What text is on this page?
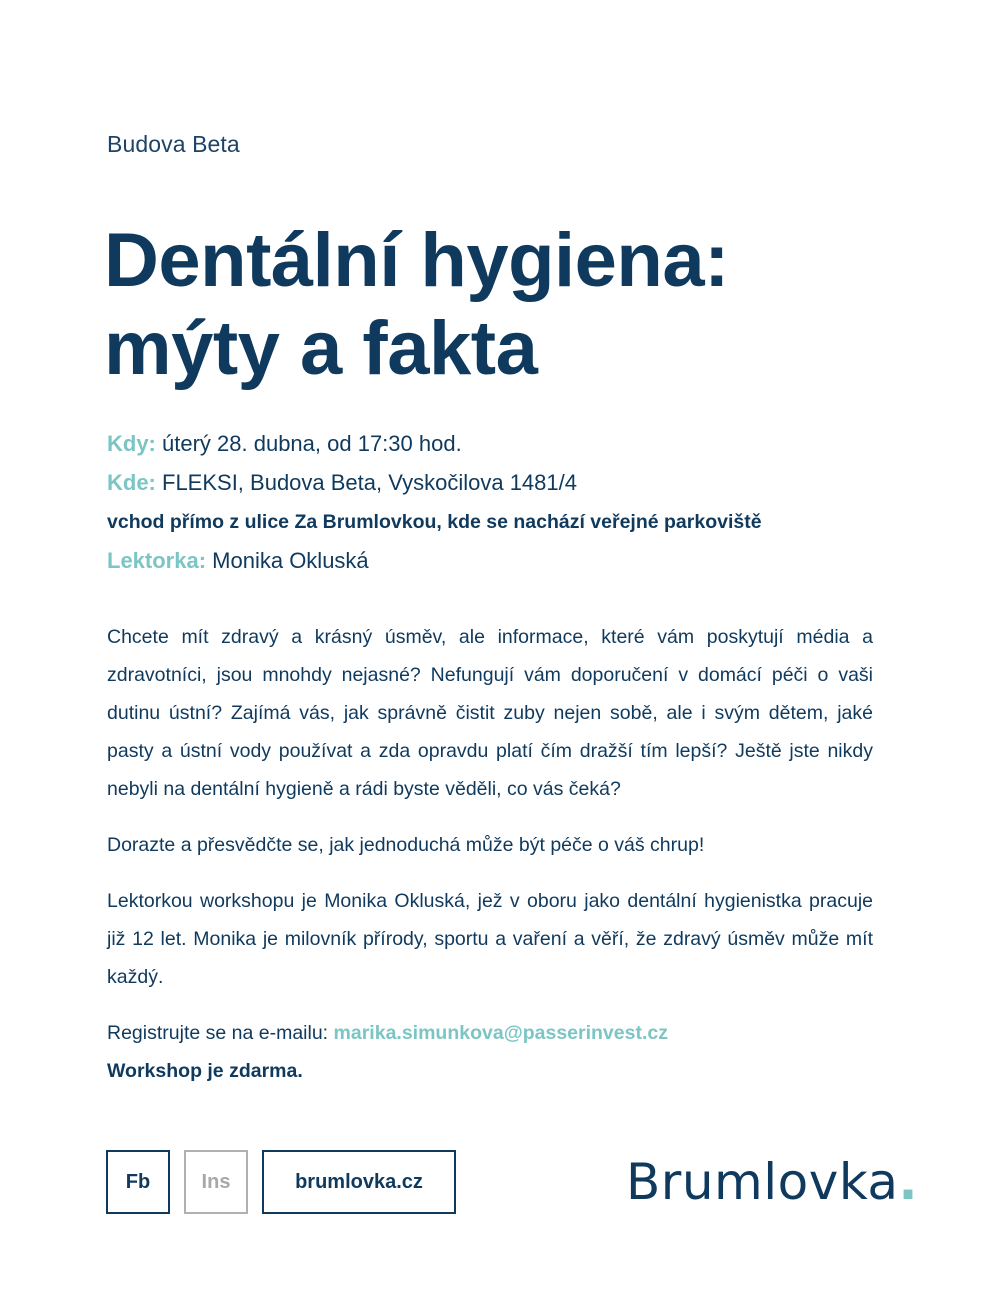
Budova Beta
Dentální hygiena:
mýty a fakta
Kdy: úterý 28. dubna, od 17:30 hod.
Kde: FLEKSI, Budova Beta, Vyskočilova 1481/4
vchod přímo z ulice Za Brumlovkou, kde se nachází veřejné parkoviště
Lektorka: Monika Okluská

Chcete mít zdravý a krásný úsměv, ale informace, které vám poskytují média a zdravotníci, jsou mnohdy nejasné? Nefungují vám doporučení v domácí péči o vaši dutinu ústní? Zajímá vás, jak správně čistit zuby nejen sobě, ale i svým dětem, jaké pasty a ústní vody používat a zda opravdu platí čím dražší tím lepší? Ještě jste nikdy nebyli na dentální hygieně a rádi byste věděli, co vás čeká?

Dorazte a přesvědčte se, jak jednoduchá může být péče o váš chrup!

Lektorkou workshopu je Monika Okluská, jež v oboru jako dentální hygienistka pracuje již 12 let. Monika je milovník přírody, sportu a vaření a věří, že zdravý úsměv může mít každý.

Registrujte se na e-mailu: marika.simunkova@passerinvest.cz

Workshop je zdarma.

Fb	Ins	brumlovka.cz	Brumlovka.
